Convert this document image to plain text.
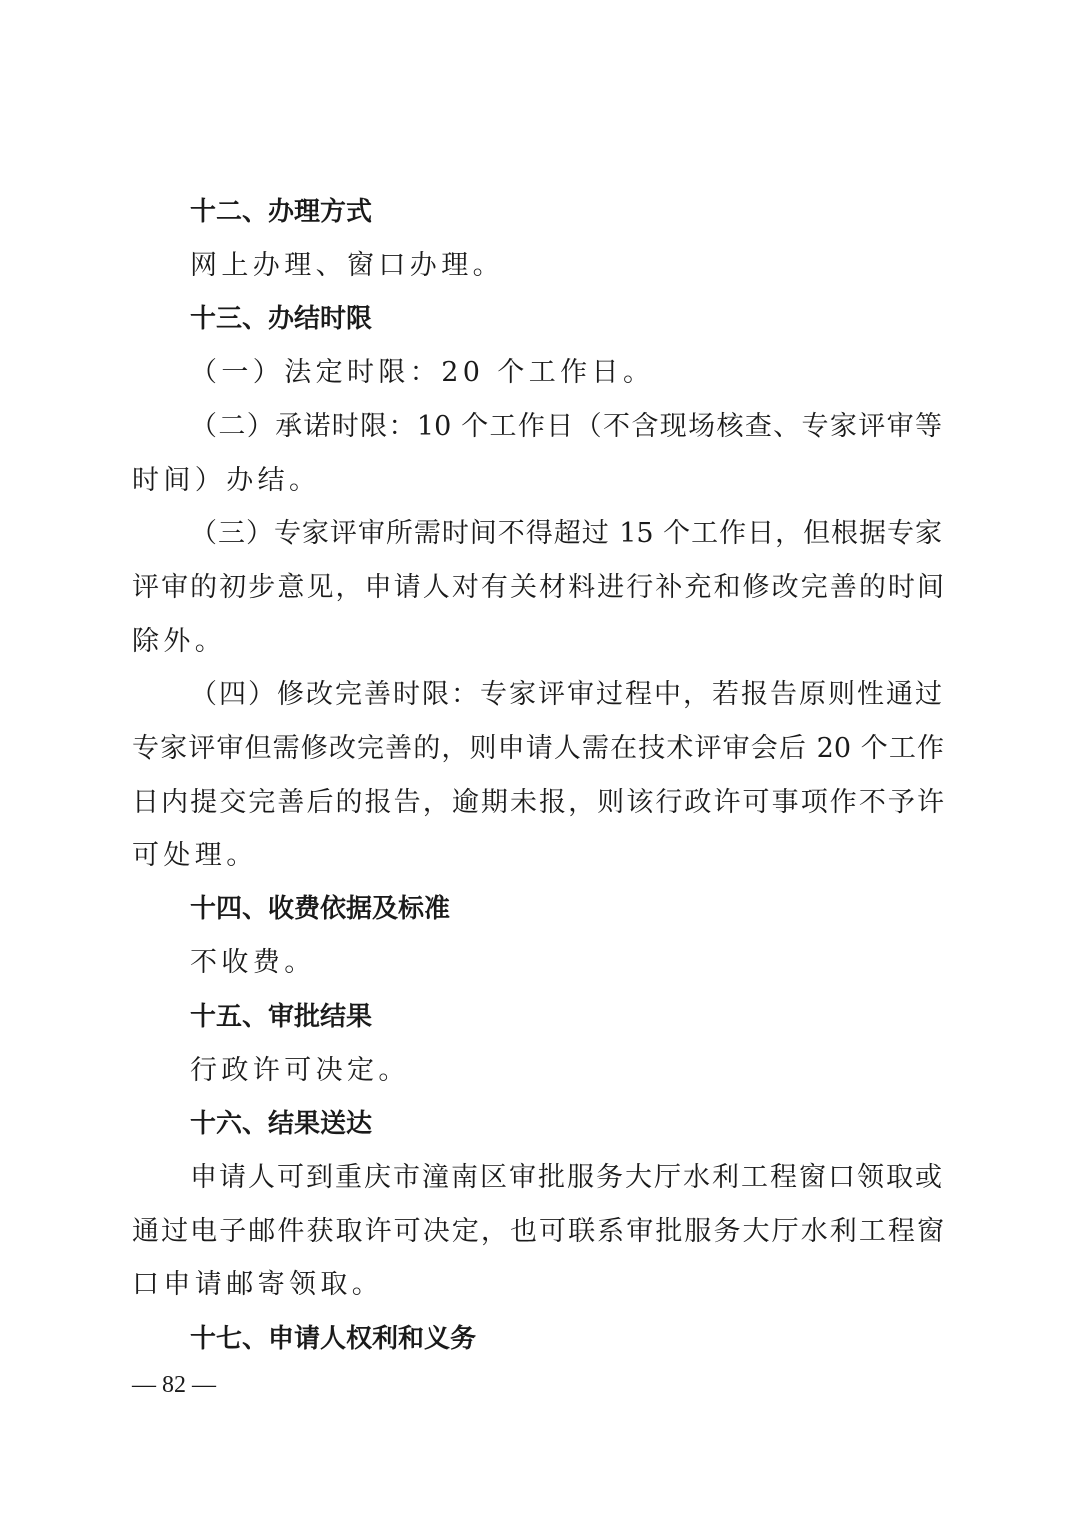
十二、办理方式
网上办理、窗口办理。
十三、办结时限
（一）法定时限：20 个工作日。
（二）承诺时限：10 个工作日（不含现场核查、专家评审等
时间）办结。
（三）专家评审所需时间不得超过 15 个工作日，但根据专家
评审的初步意见，申请人对有关材料进行补充和修改完善的时间
除外。
（四）修改完善时限：专家评审过程中，若报告原则性通过
专家评审但需修改完善的，则申请人需在技术评审会后 20 个工作
日内提交完善后的报告，逾期未报，则该行政许可事项作不予许
可处理。
十四、收费依据及标准
不收费。
十五、审批结果
行政许可决定。
十六、结果送达
申请人可到重庆市潼南区审批服务大厅水利工程窗口领取或
通过电子邮件获取许可决定，也可联系审批服务大厅水利工程窗
口申请邮寄领取。
十七、申请人权利和义务
— 82 —
